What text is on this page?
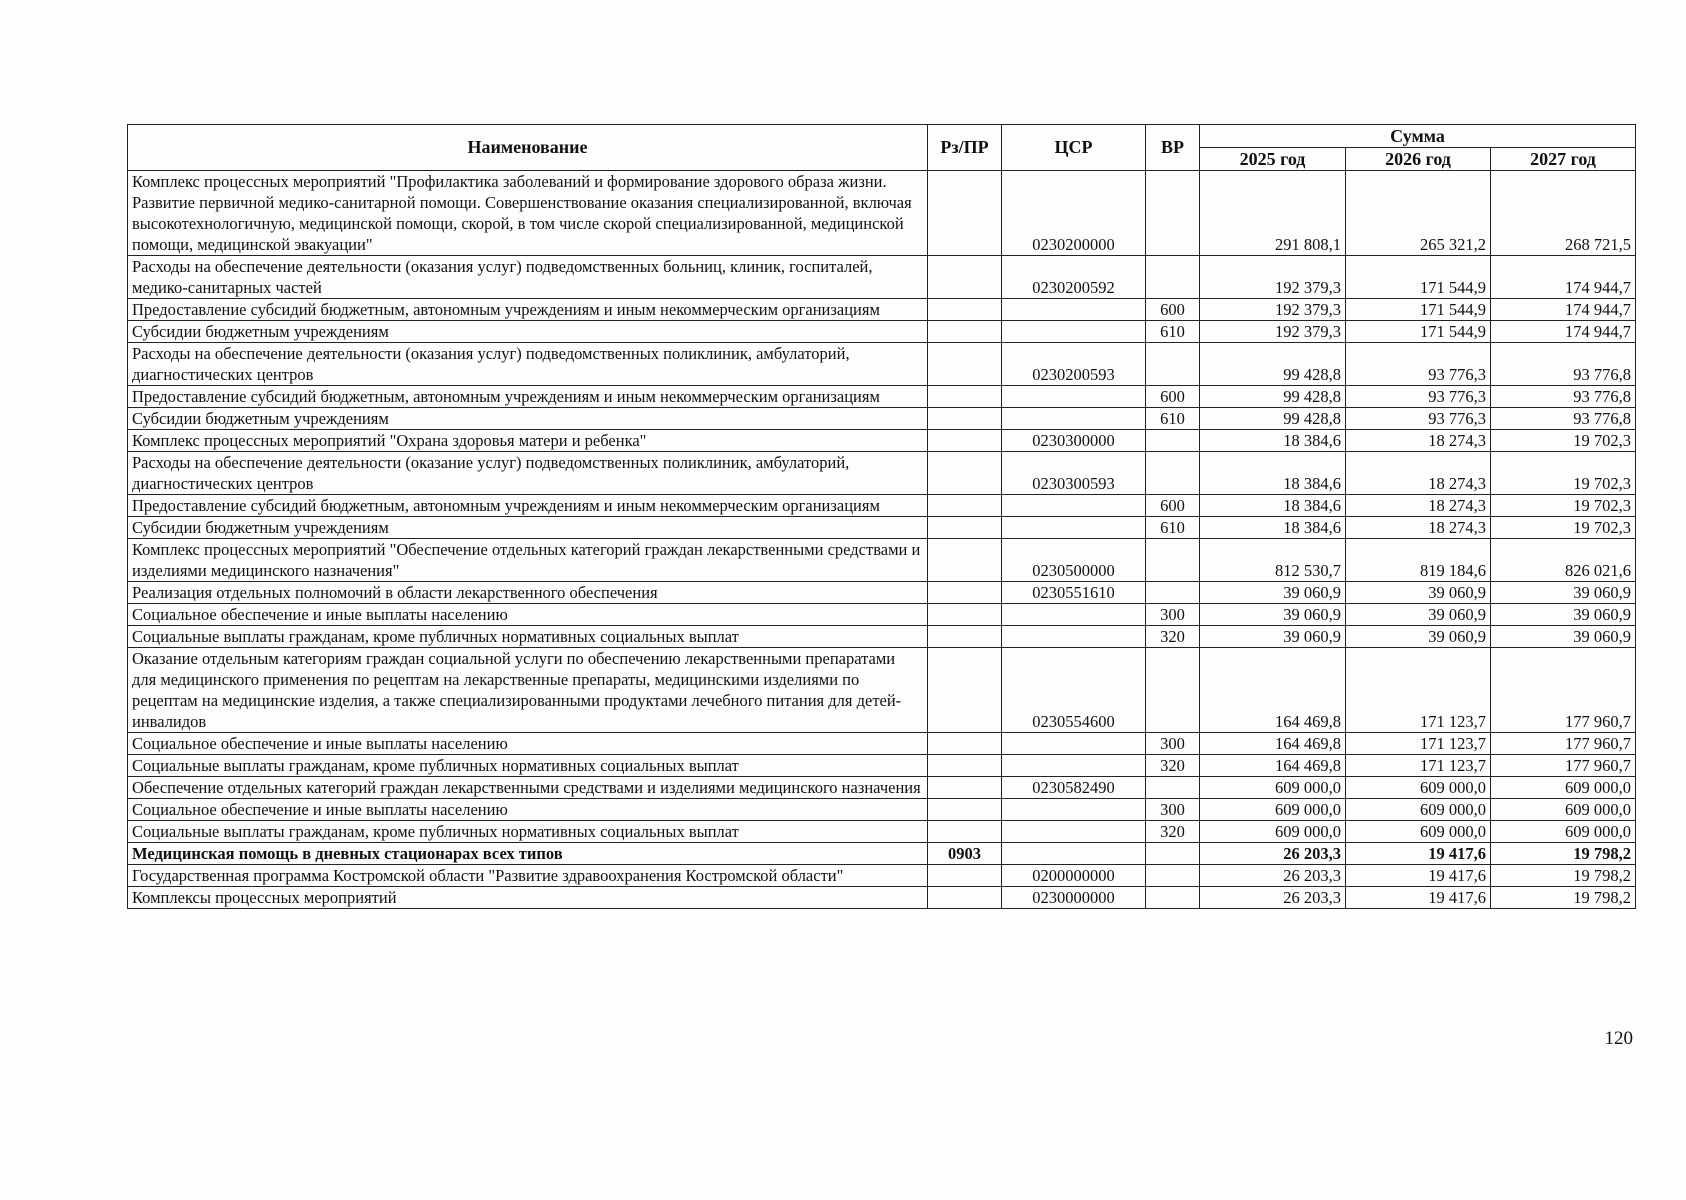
Наименование	Рз/ПР	ЦСР	ВР	Сумма		
				2025 год	2026 год	2027 год
Комплекс процессных мероприятий "Профилактика заболеваний и формирование здорового образа жизни. Развитие первичной медико-санитарной помощи. Совершенствование оказания специализированной, включая высокотехнологичную, медицинской помощи, скорой, в том числе скорой специализированной, медицинской помощи, медицинской эвакуации"		0230200000		291 808,1	265 321,2	268 721,5
Расходы на обеспечение деятельности (оказания услуг) подведомственных больниц, клиник, госпиталей, медико-санитарных частей		0230200592		192 379,3	171 544,9	174 944,7
Предоставление субсидий бюджетным, автономным учреждениям и иным некоммерческим организациям			600	192 379,3	171 544,9	174 944,7
Субсидии бюджетным учреждениям			610	192 379,3	171 544,9	174 944,7
Расходы на обеспечение деятельности (оказания услуг) подведомственных поликлиник, амбулаторий, диагностических центров		0230200593		99 428,8	93 776,3	93 776,8
Предоставление субсидий бюджетным, автономным учреждениям и иным некоммерческим организациям			600	99 428,8	93 776,3	93 776,8
Субсидии бюджетным учреждениям			610	99 428,8	93 776,3	93 776,8
Комплекс процессных мероприятий "Охрана здоровья матери и ребенка"		0230300000		18 384,6	18 274,3	19 702,3
Расходы на обеспечение деятельности (оказание услуг) подведомственных поликлиник, амбулаторий, диагностических центров		0230300593		18 384,6	18 274,3	19 702,3
Предоставление субсидий бюджетным, автономным учреждениям и иным некоммерческим организациям			600	18 384,6	18 274,3	19 702,3
Субсидии бюджетным учреждениям			610	18 384,6	18 274,3	19 702,3
Комплекс процессных мероприятий "Обеспечение отдельных категорий граждан лекарственными средствами и изделиями медицинского назначения"		0230500000		812 530,7	819 184,6	826 021,6
Реализация отдельных полномочий в области лекарственного обеспечения		0230551610		39 060,9	39 060,9	39 060,9
Социальное обеспечение и иные выплаты населению			300	39 060,9	39 060,9	39 060,9
Социальные выплаты гражданам, кроме публичных нормативных социальных выплат			320	39 060,9	39 060,9	39 060,9
Оказание отдельным категориям граждан социальной услуги по обеспечению лекарственными препаратами для медицинского применения по рецептам на лекарственные препараты, медицинскими изделиями по рецептам на медицинские изделия, а также специализированными продуктами лечебного питания для детей-инвалидов		0230554600		164 469,8	171 123,7	177 960,7
Социальное обеспечение и иные выплаты населению			300	164 469,8	171 123,7	177 960,7
Социальные выплаты гражданам, кроме публичных нормативных социальных выплат			320	164 469,8	171 123,7	177 960,7
Обеспечение отдельных категорий граждан лекарственными средствами и изделиями медицинского назначения		0230582490		609 000,0	609 000,0	609 000,0
Социальное обеспечение и иные выплаты населению			300	609 000,0	609 000,0	609 000,0
Социальные выплаты гражданам, кроме публичных нормативных социальных выплат			320	609 000,0	609 000,0	609 000,0
Медицинская помощь в дневных стационарах всех типов	0903			26 203,3	19 417,6	19 798,2
Государственная программа Костромской области "Развитие здравоохранения Костромской области"		0200000000		26 203,3	19 417,6	19 798,2
Комплексы процессных мероприятий		0230000000		26 203,3	19 417,6	19 798,2
120
